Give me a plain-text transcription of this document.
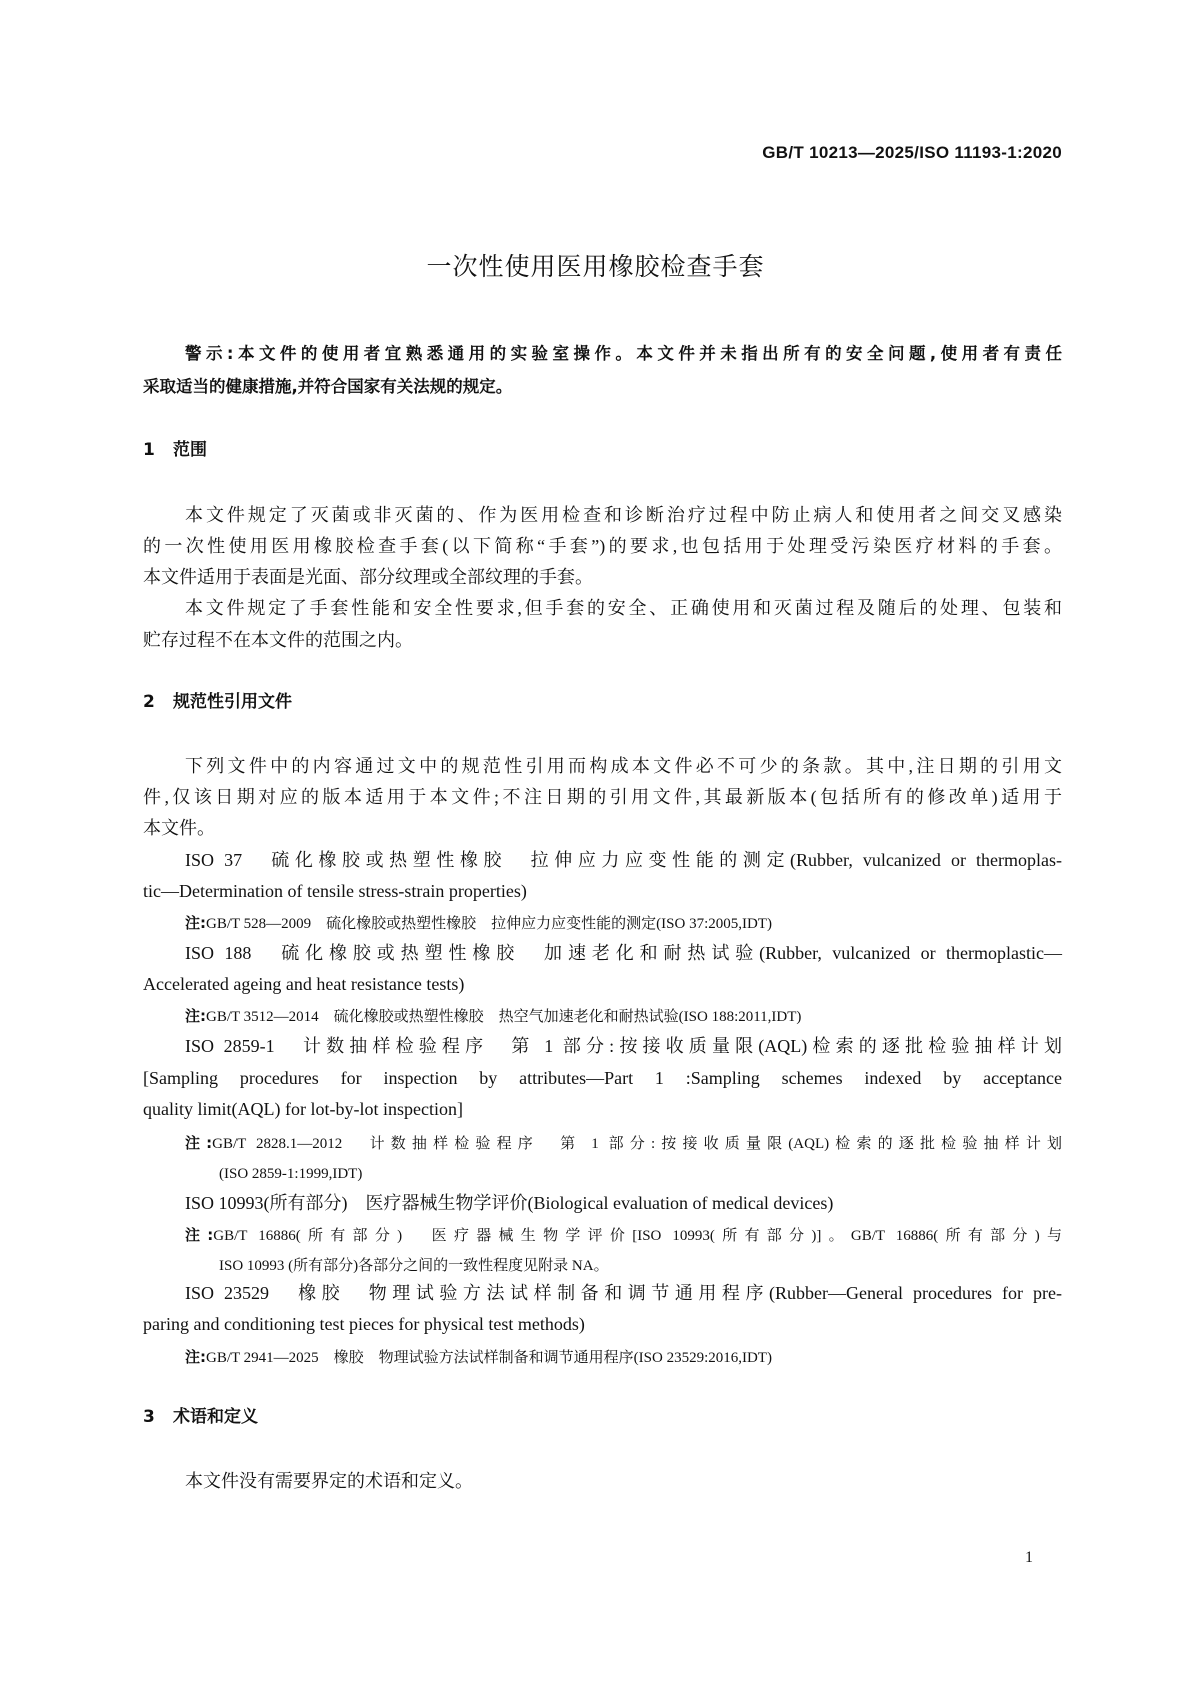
GB/T 10213—2025/ISO 11193-1:2020
一次性使用医用橡胶检查手套
警示:本文件的使用者宜熟悉通用的实验室操作。本文件并未指出所有的安全问题,使用者有责任
采取适当的健康措施,并符合国家有关法规的规定。
1 范围
本文件规定了灭菌或非灭菌的、作为医用检查和诊断治疗过程中防止病人和使用者之间交叉感染
的一次性使用医用橡胶检查手套(以下简称“手套”)的要求,也包括用于处理受污染医疗材料的手套。
本文件适用于表面是光面、部分纹理或全部纹理的手套。
本文件规定了手套性能和安全性要求,但手套的安全、正确使用和灭菌过程及随后的处理、包装和
贮存过程不在本文件的范围之内。
2 规范性引用文件
下列文件中的内容通过文中的规范性引用而构成本文件必不可少的条款。其中,注日期的引用文
件,仅该日期对应的版本适用于本文件;不注日期的引用文件,其最新版本(包括所有的修改单)适用于
本文件。
ISO 37　硫化橡胶或热塑性橡胶　拉伸应力应变性能的测定(Rubber, vulcanized or thermoplas-
tic—Determination of tensile stress-strain properties)
注:GB/T 528—2009　硫化橡胶或热塑性橡胶　拉伸应力应变性能的测定(ISO 37:2005,IDT)
ISO 188　硫化橡胶或热塑性橡胶　加速老化和耐热试验(Rubber, vulcanized or thermoplastic—
Accelerated ageing and heat resistance tests)
注:GB/T 3512—2014　硫化橡胶或热塑性橡胶　热空气加速老化和耐热试验(ISO 188:2011,IDT)
ISO 2859-1　计数抽样检验程序　第 1 部分:按接收质量限(AQL)检索的逐批检验抽样计划
[Sampling procedures for inspection by attributes—Part 1 :Sampling schemes indexed by acceptance
quality limit(AQL) for lot-by-lot inspection]
注:GB/T 2828.1—2012　计数抽样检验程序　第 1 部分:按接收质量限(AQL)检索的逐批检验抽样计划
(ISO 2859-1:1999,IDT)
ISO 10993(所有部分)　医疗器械生物学评价(Biological evaluation of medical devices)
注:GB/T 16886(所有部分)　医疗器械生物学评价[ISO 10993(所有部分)]。GB/T 16886(所有部分)与
ISO 10993 (所有部分)各部分之间的一致性程度见附录 NA。
ISO 23529　橡胶　物理试验方法试样制备和调节通用程序(Rubber—General procedures for pre-
paring and conditioning test pieces for physical test methods)
注:GB/T 2941—2025　橡胶　物理试验方法试样制备和调节通用程序(ISO 23529:2016,IDT)
3 术语和定义
本文件没有需要界定的术语和定义。
1
